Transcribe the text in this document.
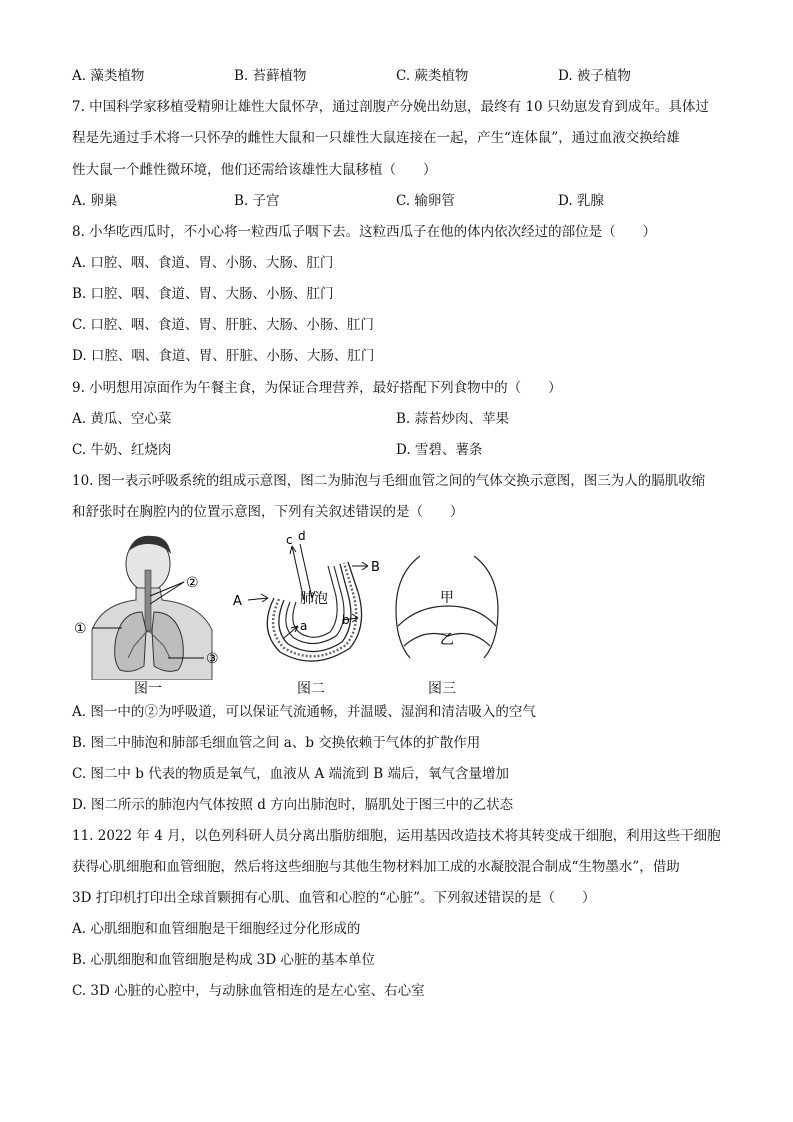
A. 藻类植物	B. 苔藓植物	C. 蕨类植物	D. 被子植物
7. 中国科学家移植受精卵让雄性大鼠怀孕，通过剖腹产分娩出幼崽，最终有 10 只幼崽发育到成年。具体过
程是先通过手术将一只怀孕的雌性大鼠和一只雄性大鼠连接在一起，产生“连体鼠”，通过血液交换给雄
性大鼠一个雌性微环境，他们还需给该雄性大鼠移植（　　）
A. 卵巢	B. 子宫	C. 输卵管	D. 乳腺
8. 小华吃西瓜时，不小心将一粒西瓜子咽下去。这粒西瓜子在他的体内依次经过的部位是（　　）
A. 口腔、咽、食道、胃、小肠、大肠、肛门
B. 口腔、咽、食道、胃、大肠、小肠、肛门
C. 口腔、咽、食道、胃、肝脏、大肠、小肠、肛门
D. 口腔、咽、食道、胃、肝脏、小肠、大肠、肛门
9. 小明想用凉面作为午餐主食，为保证合理营养，最好搭配下列食物中的（　　）
A. 黄瓜、空心菜	B. 蒜苔炒肉、苹果
C. 牛奶、红烧肉	D. 雪碧、薯条
10. 图一表示呼吸系统的组成示意图，图二为肺泡与毛细血管之间的气体交换示意图，图三为人的膈肌收缩
和舒张时在胸腔内的位置示意图，下列有关叙述错误的是（　　）
②
①
③
c d
A
B
a	b
肺泡	甲
乙
图一	图二	图三
A. 图一中的②为呼吸道，可以保证气流通畅，并温暖、湿润和清洁吸入的空气
B. 图二中肺泡和肺部毛细血管之间 a、b 交换依赖于气体的扩散作用
C. 图二中 b 代表的物质是氧气，血液从 A 端流到 B 端后，氧气含量增加
D. 图二所示的肺泡内气体按照 d 方向出肺泡时，膈肌处于图三中的乙状态
11. 2022 年 4 月，以色列科研人员分离出脂肪细胞，运用基因改造技术将其转变成干细胞，利用这些干细胞
获得心肌细胞和血管细胞，然后将这些细胞与其他生物材料加工成的水凝胶混合制成“生物墨水”，借助
3D 打印机打印出全球首颗拥有心肌、血管和心腔的“心脏”。下列叙述错误的是（　　）
A. 心肌细胞和血管细胞是干细胞经过分化形成的
B. 心肌细胞和血管细胞是构成 3D 心脏的基本单位
C. 3D 心脏的心腔中，与动脉血管相连的是左心室、右心室
